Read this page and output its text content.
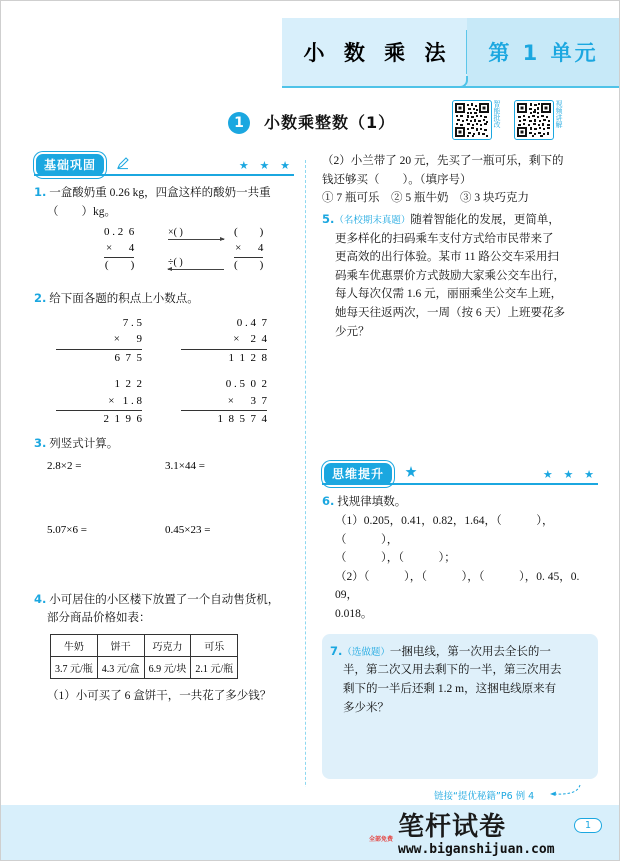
小 数 乘 法 第 1 单元
1	小数乘整数（1）	智能批改	视频讲解
基础巩固	★ ★ ★
1. 一盒酸奶重 0.26 kg，四盒这样的酸奶一共重
（　　）kg。
0 . 2  6
×      4
(        )
×( )
÷( )
(        )
×      4
(        )
2. 给下面各题的积点上小数点。
7 . 5
×      9
6  7  5
0 . 4  7
×    2  4
1  1  2  8
1  2  2
×   1 . 8
2  1  9  6
0 . 5  0  2
×      3  7
1  8  5  7  4
3. 列竖式计算。
2.8×2 =	3.1×44 =
5.07×6 =	0.45×23 =
4. 小可居住的小区楼下放置了一个自动售货机，
部分商品价格如表：
牛奶	饼干	巧克力	可乐
3.7 元/瓶	4.3 元/盒	6.9 元/块	2.1 元/瓶
（1）小可买了 6 盒饼干，一共花了多少钱？
（2）小兰带了 20 元，先买了一瓶可乐，剩下的
钱还够买（　　）。（填序号）
① 7 瓶可乐　② 5 瓶牛奶　③ 3 块巧克力
5.（名校期末真题）随着智能化的发展，更简单，
更多样化的扫码乘车支付方式给市民带来了
更高效的出行体验。某市 11 路公交车采用扫
码乘车优惠票价方式鼓励大家乘公交车出行，
每人每次仅需 1.6 元，丽丽乘坐公交车上班，
她每天往返两次，一周（按 6 天）上班要花多
少元？
思维提升	★ ★ ★
6. 找规律填数。
（1）0.205，0.41，0.82，1.64，（　　　），（　　　），
（　　　），（　　　）；
（2）（　　　），（　　　），（　　　），0. 45，0. 09，
0.018。
7.（选做题）一捆电线，第一次用去全长的一
半，第二次又用去剩下的一半，第三次用去
剩下的一半后还剩 1.2 m，这捆电线原来有
多少米？
链接“提优秘籍”P6 例 4
1
全部免费 笔杆试卷
www.biganshijuan.com
